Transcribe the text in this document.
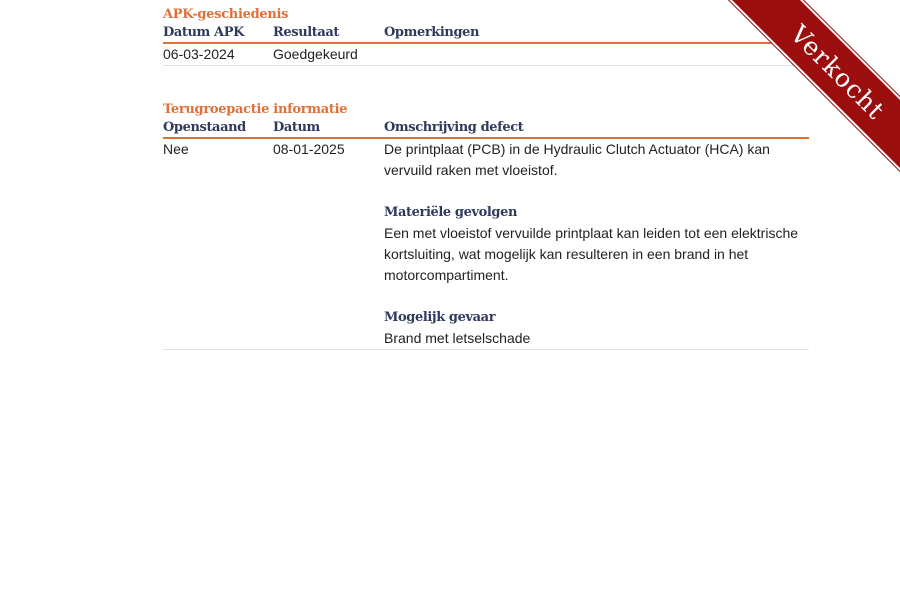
APK-geschiedenis
Datum APK	Resultaat	Opmerkingen
06-03-2024	Goedgekeurd
Terugroepactie informatie
Openstaand	Datum	Omschrijving defect
Nee	08-01-2025	De printplaat (PCB) in de Hydraulic Clutch Actuator (HCA) kan vervuild raken met vloeistof.
Materiële gevolgen
Een met vloeistof vervuilde printplaat kan leiden tot een elektrische kortsluiting, wat mogelijk kan resulteren in een brand in het motorcompartiment.
Mogelijk gevaar
Brand met letselschade
Verkocht
